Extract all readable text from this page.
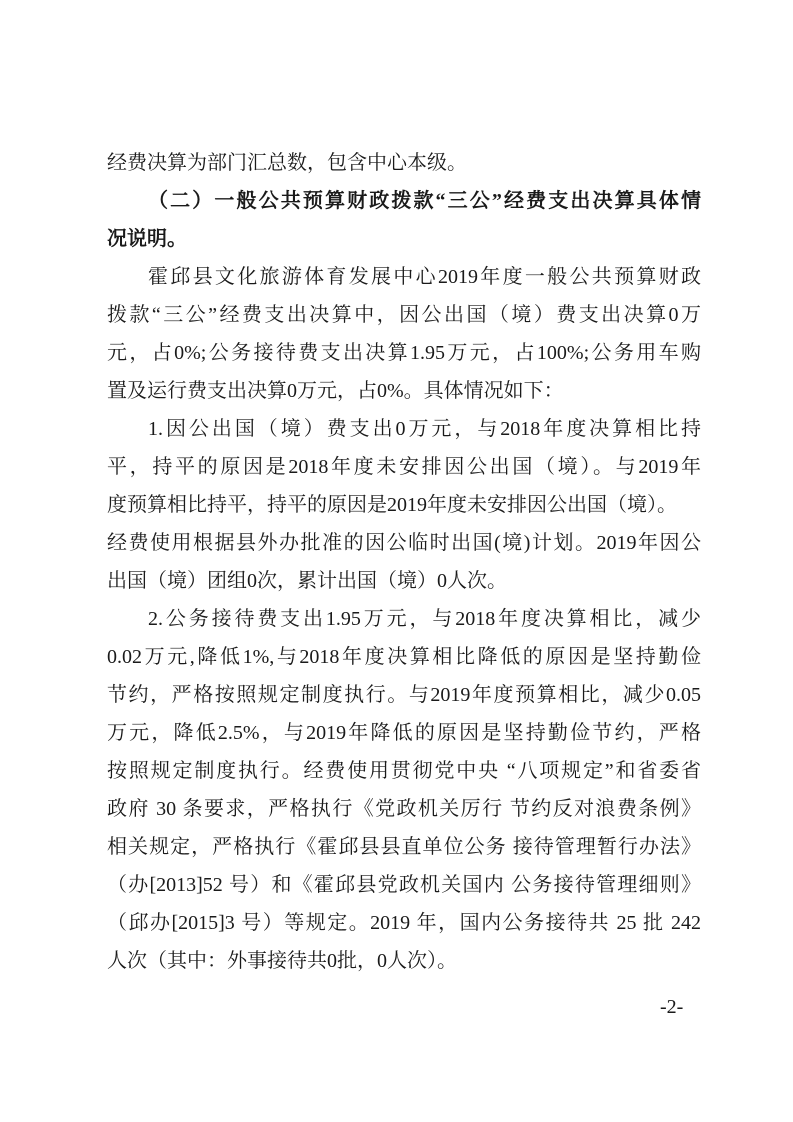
经费决算为部门汇总数，包含中心本级。
（二）一般公共预算财政拨款“三公”经费支出决算具体情
况说明。
霍邱县文化旅游体育发展中心2019年度一般公共预算财政
拨款“三公”经费支出决算中，因公出国（境）费支出决算0万
元，占0%;公务接待费支出决算1.95万元，占100%;公务用车购
置及运行费支出决算0万元，占0%。具体情况如下：
1.因公出国（境）费支出0万元，与2018年度决算相比持
平，持平的原因是2018年度未安排因公出国（境）。与2019年
度预算相比持平，持平的原因是2019年度未安排因公出国（境）。
经费使用根据县外办批准的因公临时出国(境)计划。2019年因公
出国（境）团组0次，累计出国（境）0人次。
2.公务接待费支出1.95万元，与2018年度决算相比，减少
0.02万元,降低1%,与2018年度决算相比降低的原因是坚持勤俭
节约，严格按照规定制度执行。与2019年度预算相比，减少0.05
万元，降低2.5%，与2019年降低的原因是坚持勤俭节约，严格
按照规定制度执行。经费使用贯彻党中央 “八项规定”和省委省
政府 30 条要求，严格执行《党政机关厉行 节约反对浪费条例》
相关规定，严格执行《霍邱县县直单位公务 接待管理暂行办法》
（办[2013]52 号）和《霍邱县党政机关国内 公务接待管理细则》
（邱办[2015]3 号）等规定。2019 年，国内公务接待共 25 批 242
人次（其中：外事接待共0批，0人次）。
-2-
